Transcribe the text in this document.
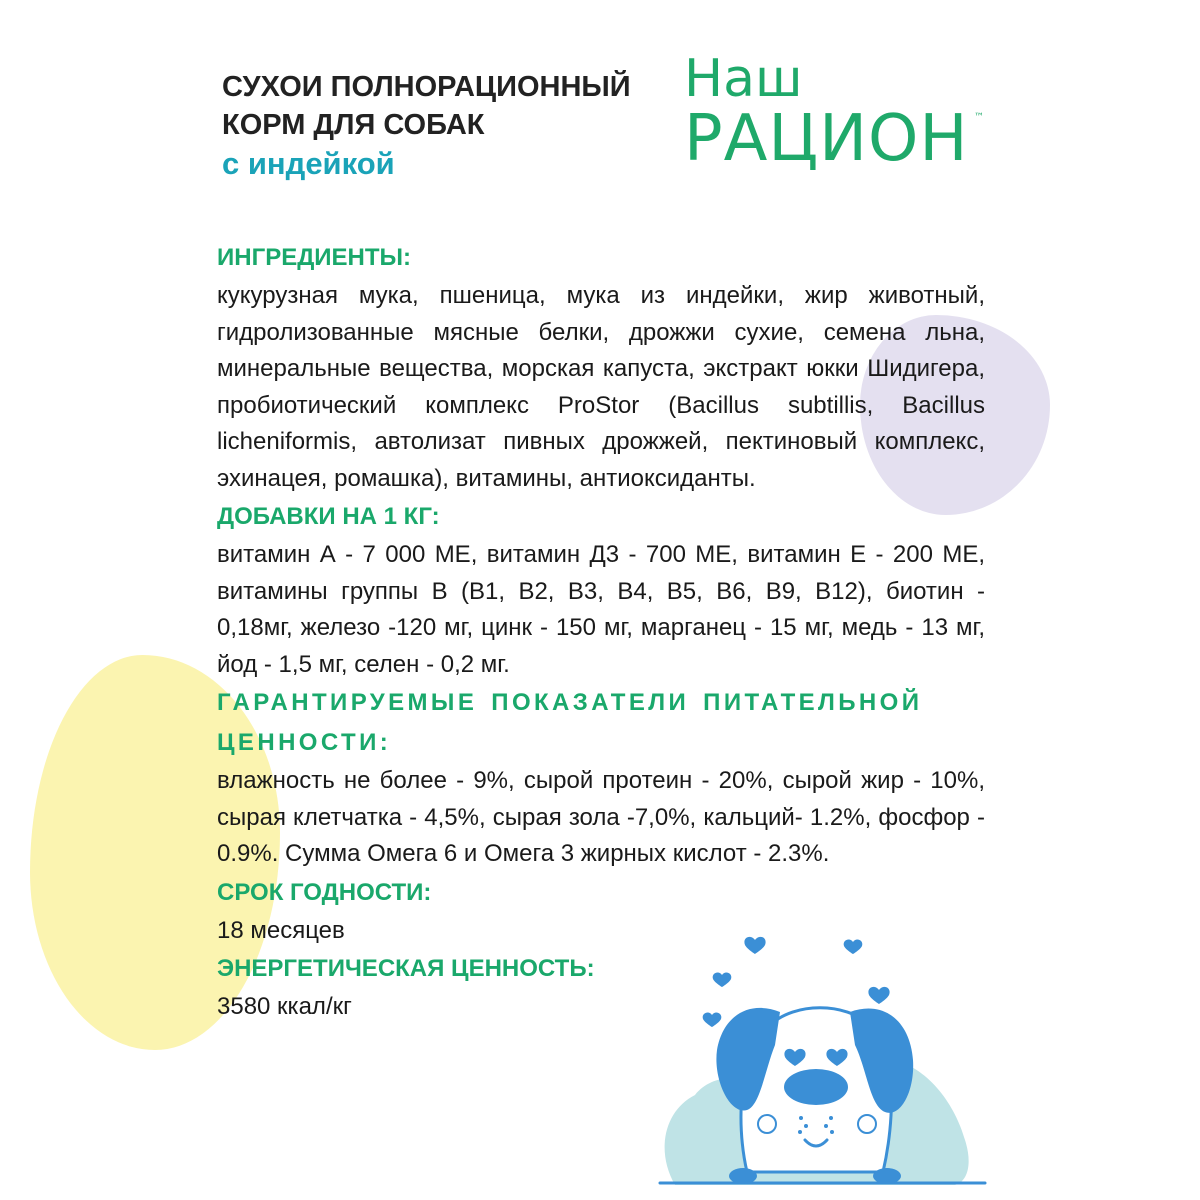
СУХОИ ПОЛНОРАЦИОННЫЙ
КОРМ ДЛЯ СОБАК
с индейкой
Наш
РАЦИОН ™
ИНГРЕДИЕНТЫ:
кукурузная мука, пшеница, мука из индейки, жир животный, гидролизованные мясные белки, дрожжи сухие, семена льна, минеральные вещества, морская капуста, экстракт юкки Шидигера, пробиотический комплекс ProStor (Bacillus subtillis, Bacillus licheniformis, автолизат пивных дрожжей, пектиновый комплекс, эхинацея, ромашка), витамины, антиоксиданты.
ДОБАВКИ НА 1 КГ:
витамин А - 7 000 МЕ, витамин Д3 - 700 МЕ, витамин Е - 200 МЕ, витамины группы В (В1, В2, В3, В4, В5, В6, В9, В12), биотин - 0,18мг, железо -120 мг, цинк - 150 мг, марганец - 15 мг, медь - 13 мг, йод - 1,5 мг, селен - 0,2 мг.
ГАРАНТИРУЕМЫЕ ПОКАЗАТЕЛИ ПИТАТЕЛЬНОЙ ЦЕННОСТИ:
влажность не более - 9%, сырой протеин - 20%, сырой жир - 10%, сырая клетчатка - 4,5%, сырая зола -7,0%, кальций- 1.2%, фосфор - 0.9%. Сумма Омега 6 и Омега 3 жирных кислот - 2.3%.
СРОК ГОДНОСТИ:
18 месяцев
ЭНЕРГЕТИЧЕСКАЯ ЦЕННОСТЬ:
3580 ккал/кг
